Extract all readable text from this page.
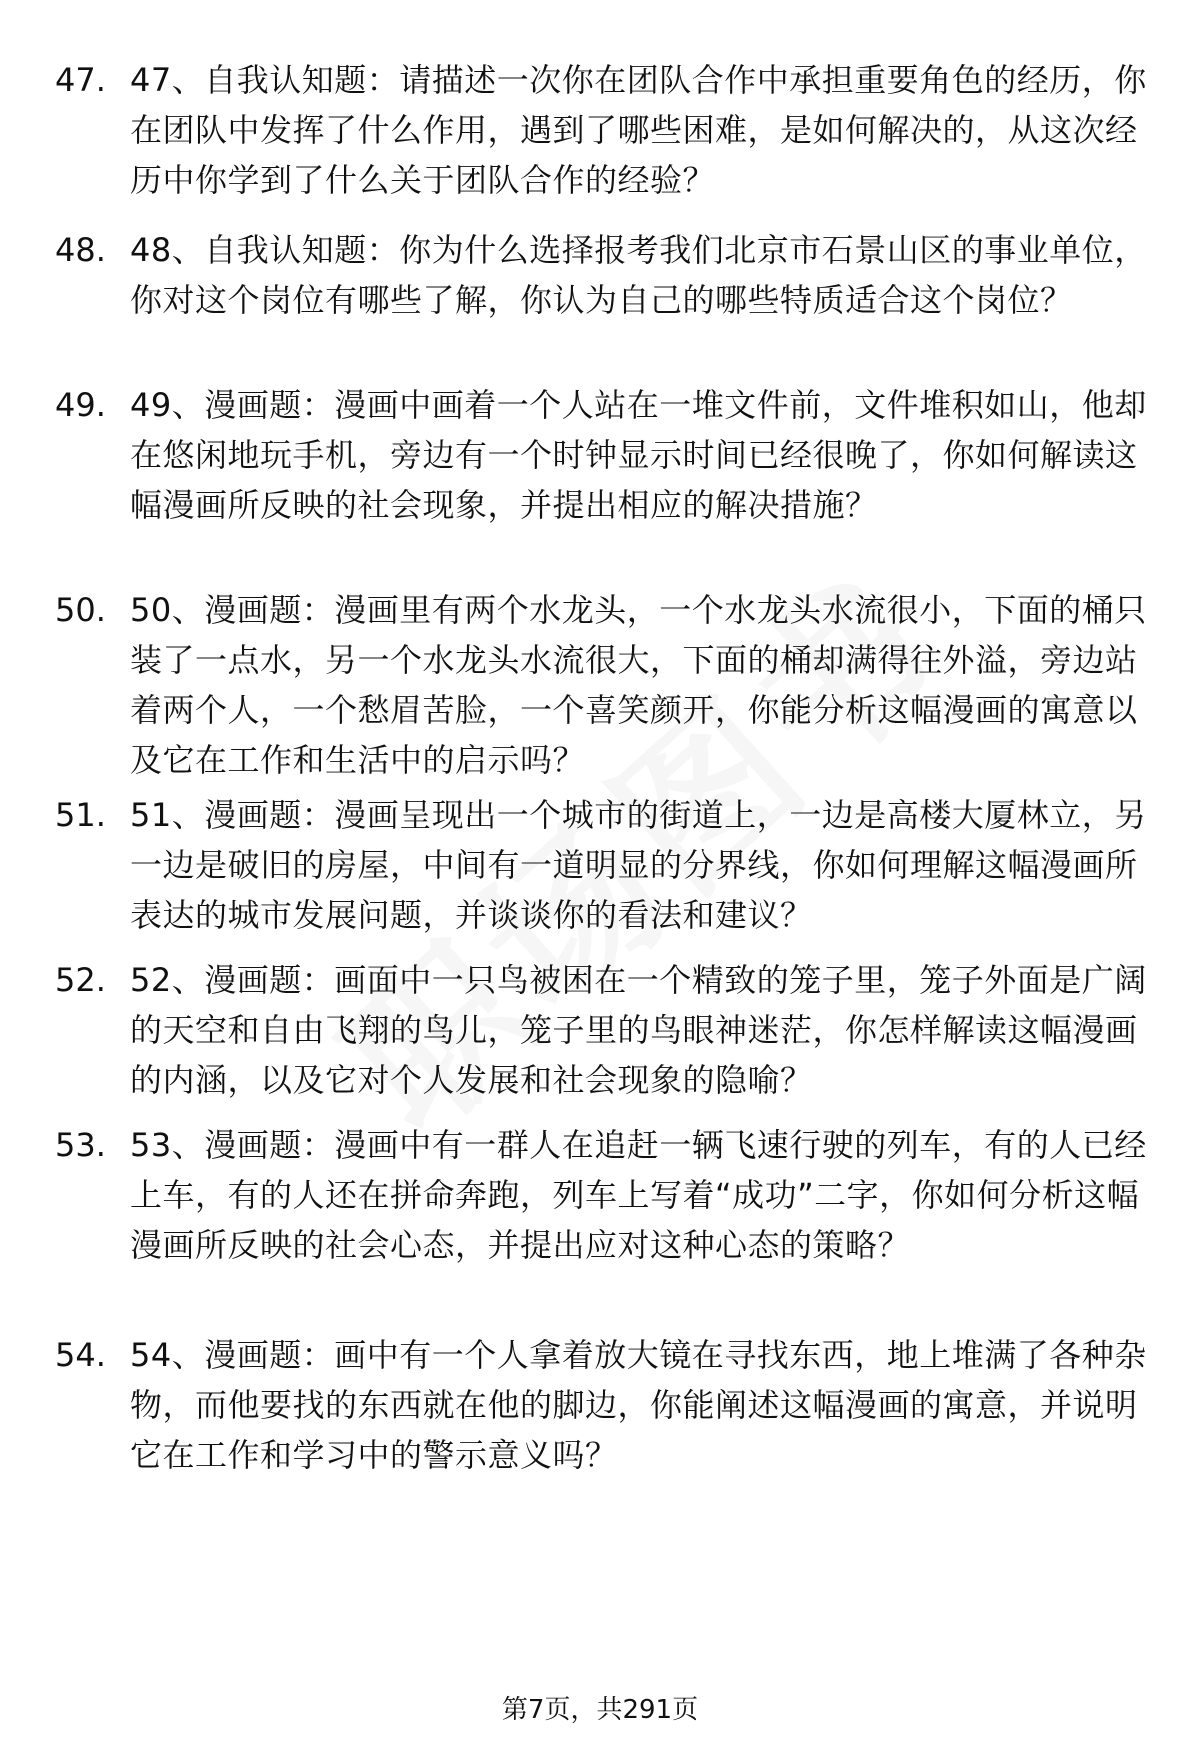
47. 47、自我认知题：请描述一次你在团队合作中承担重要角色的经历，你在团队中发挥了什么作用，遇到了哪些困难，是如何解决的，从这次经历中你学到了什么关于团队合作的经验？
48. 48、自我认知题：你为什么选择报考我们北京市石景山区的事业单位，你对这个岗位有哪些了解，你认为自己的哪些特质适合这个岗位？
49. 49、漫画题：漫画中画着一个人站在一堆文件前，文件堆积如山，他却在悠闲地玩手机，旁边有一个时钟显示时间已经很晚了，你如何解读这幅漫画所反映的社会现象，并提出相应的解决措施？
50. 50、漫画题：漫画里有两个水龙头，一个水龙头水流很小，下面的桶只装了一点水，另一个水龙头水流很大，下面的桶却满得往外溢，旁边站着两个人，一个愁眉苦脸，一个喜笑颜开，你能分析这幅漫画的寓意以及它在工作和生活中的启示吗？
51. 51、漫画题：漫画呈现出一个城市的街道上，一边是高楼大厦林立，另一边是破旧的房屋，中间有一道明显的分界线，你如何理解这幅漫画所表达的城市发展问题，并谈谈你的看法和建议？
52. 52、漫画题：画面中一只鸟被困在一个精致的笼子里，笼子外面是广阔的天空和自由飞翔的鸟儿，笼子里的鸟眼神迷茫，你怎样解读这幅漫画的内涵，以及它对个人发展和社会现象的隐喻？
53. 53、漫画题：漫画中有一群人在追赶一辆飞速行驶的列车，有的人已经上车，有的人还在拼命奔跑，列车上写着“成功”二字，你如何分析这幅漫画所反映的社会心态，并提出应对这种心态的策略？
54. 54、漫画题：画中有一个人拿着放大镜在寻找东西，地上堆满了各种杂物，而他要找的东西就在他的脚边，你能阐述这幅漫画的寓意，并说明它在工作和学习中的警示意义吗？
第7页，共291页
